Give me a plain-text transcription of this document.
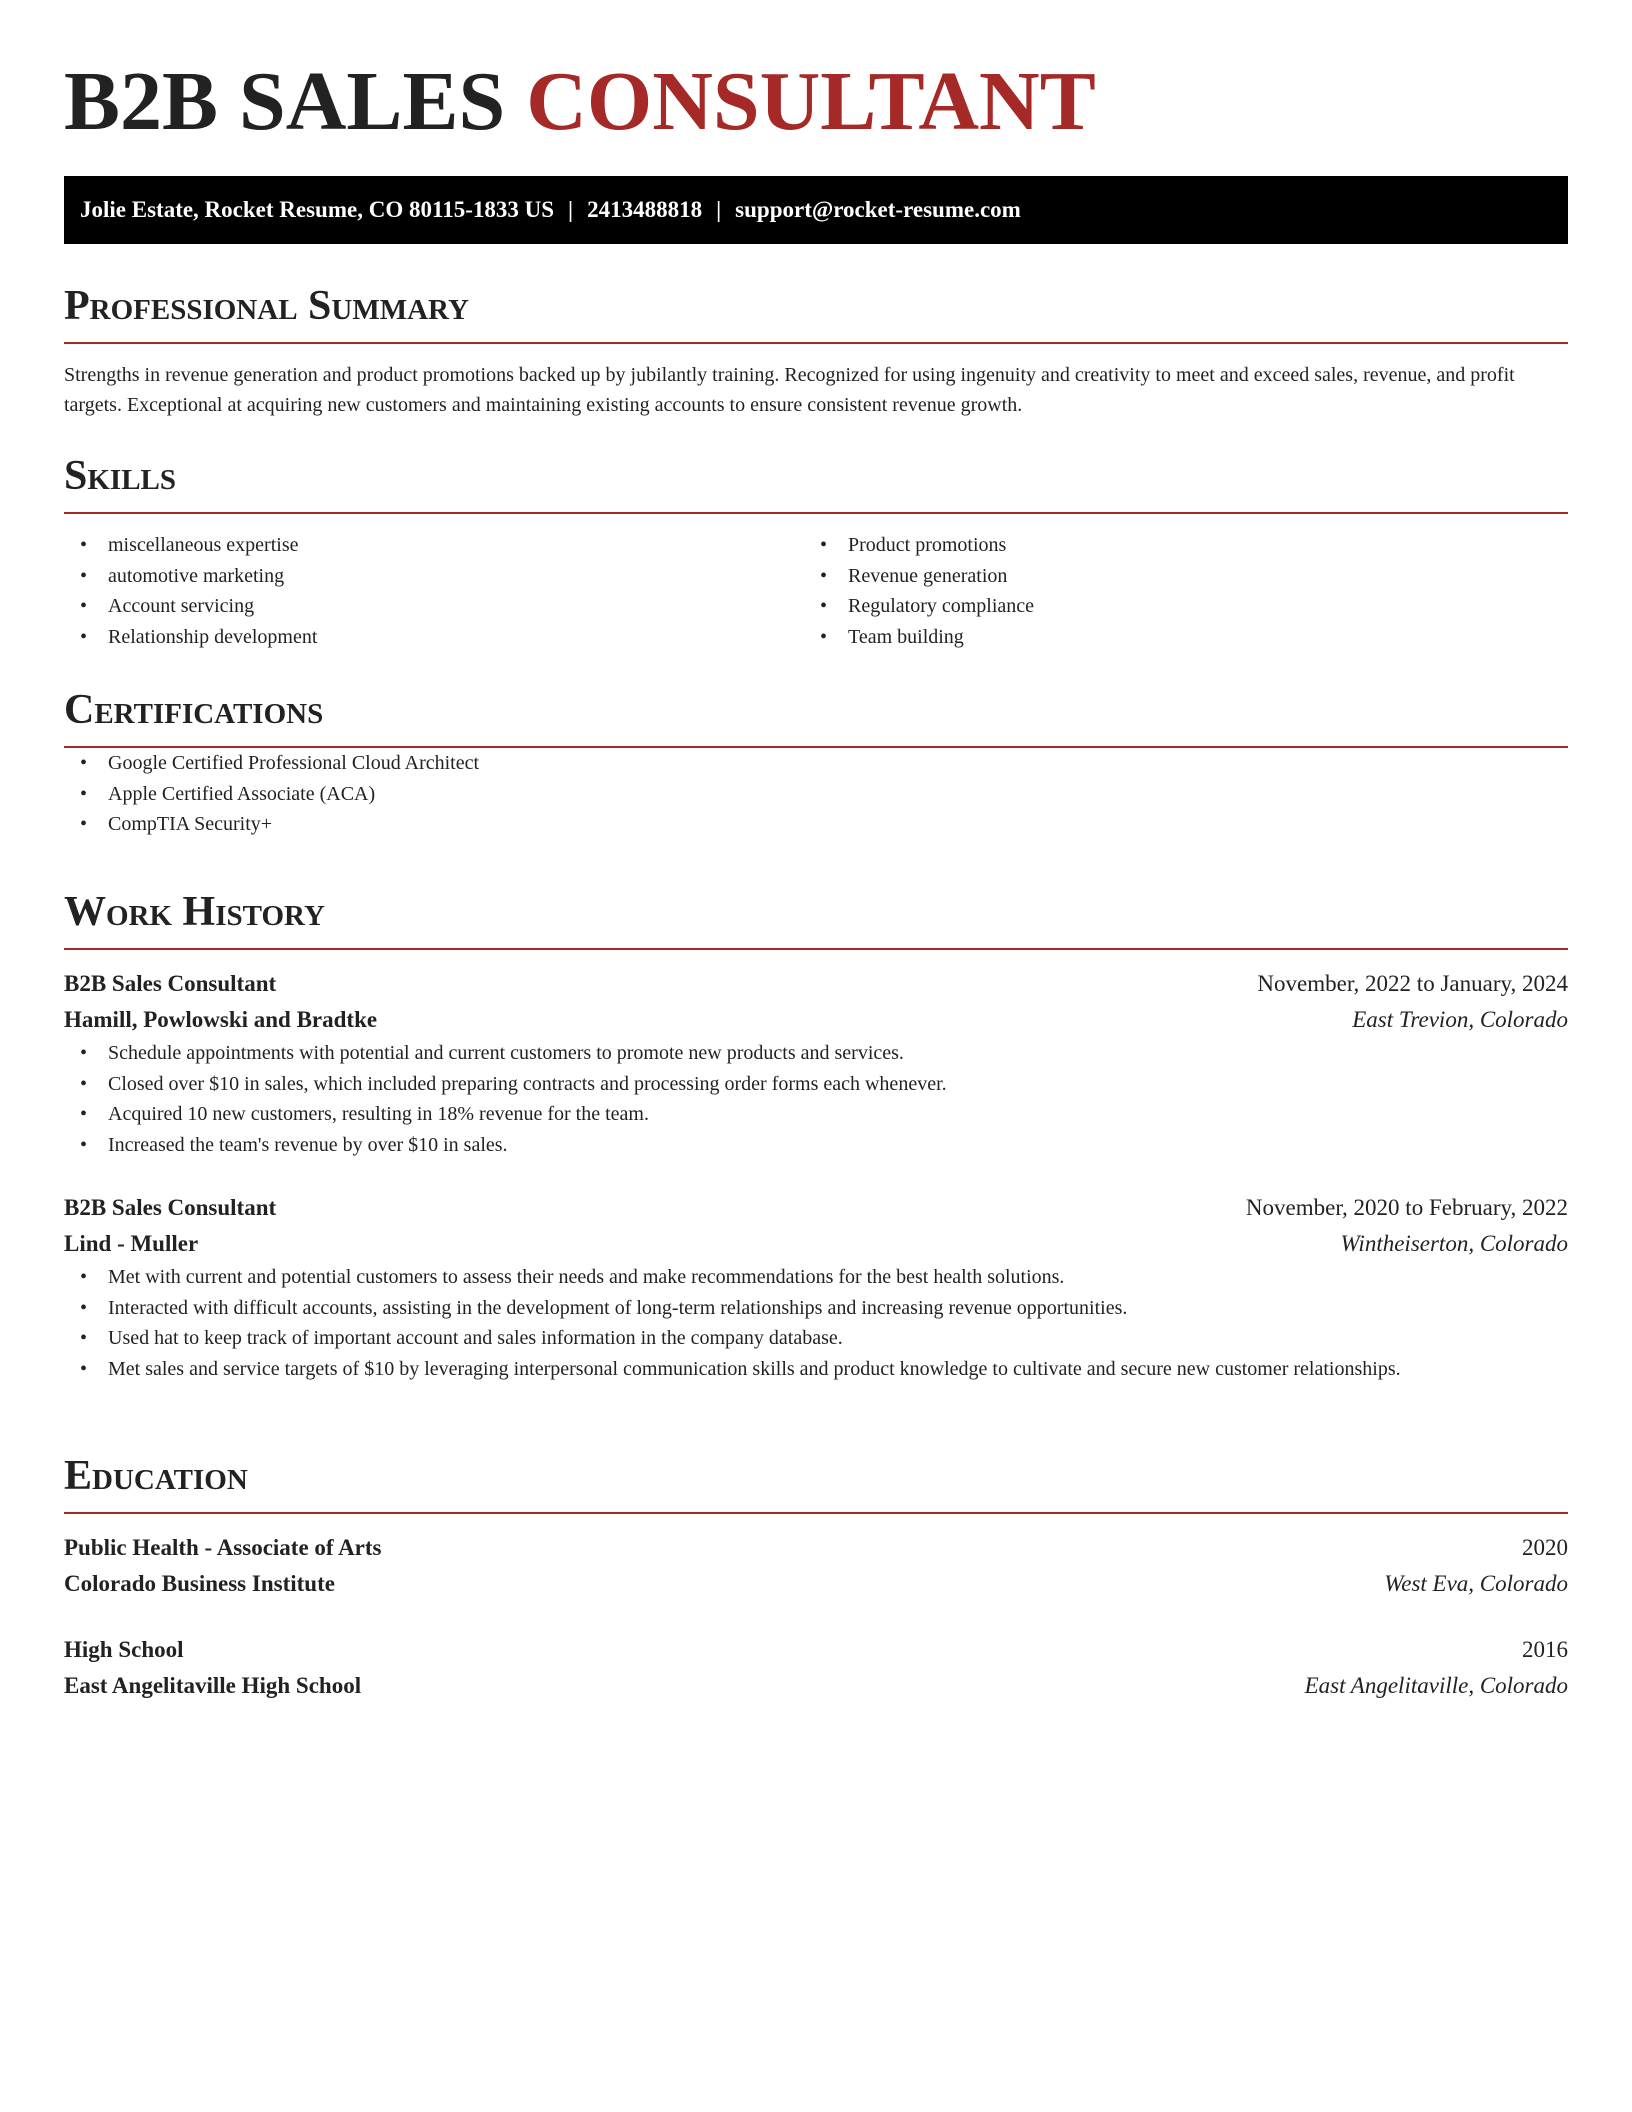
B2B SALES CONSULTANT
Jolie Estate, Rocket Resume, CO 80115-1833 US | 2413488818 | support@rocket-resume.com
Professional Summary
Strengths in revenue generation and product promotions backed up by jubilantly training. Recognized for using ingenuity and creativity to meet and exceed sales, revenue, and profit targets. Exceptional at acquiring new customers and maintaining existing accounts to ensure consistent revenue growth.
Skills
• miscellaneous expertise
• automotive marketing
• Account servicing
• Relationship development
• Product promotions
• Revenue generation
• Regulatory compliance
• Team building
Certifications
• Google Certified Professional Cloud Architect
• Apple Certified Associate (ACA)
• CompTIA Security+
Work History
B2B Sales Consultant	November, 2022 to January, 2024
Hamill, Powlowski and Bradtke	East Trevion, Colorado
• Schedule appointments with potential and current customers to promote new products and services.
• Closed over $10 in sales, which included preparing contracts and processing order forms each whenever.
• Acquired 10 new customers, resulting in 18% revenue for the team.
• Increased the team's revenue by over $10 in sales.
B2B Sales Consultant	November, 2020 to February, 2022
Lind - Muller	Wintheiserton, Colorado
• Met with current and potential customers to assess their needs and make recommendations for the best health solutions.
• Interacted with difficult accounts, assisting in the development of long-term relationships and increasing revenue opportunities.
• Used hat to keep track of important account and sales information in the company database.
• Met sales and service targets of $10 by leveraging interpersonal communication skills and product knowledge to cultivate and secure new customer relationships.
Education
Public Health - Associate of Arts	2020
Colorado Business Institute	West Eva, Colorado
High School	2016
East Angelitaville High School	East Angelitaville, Colorado
